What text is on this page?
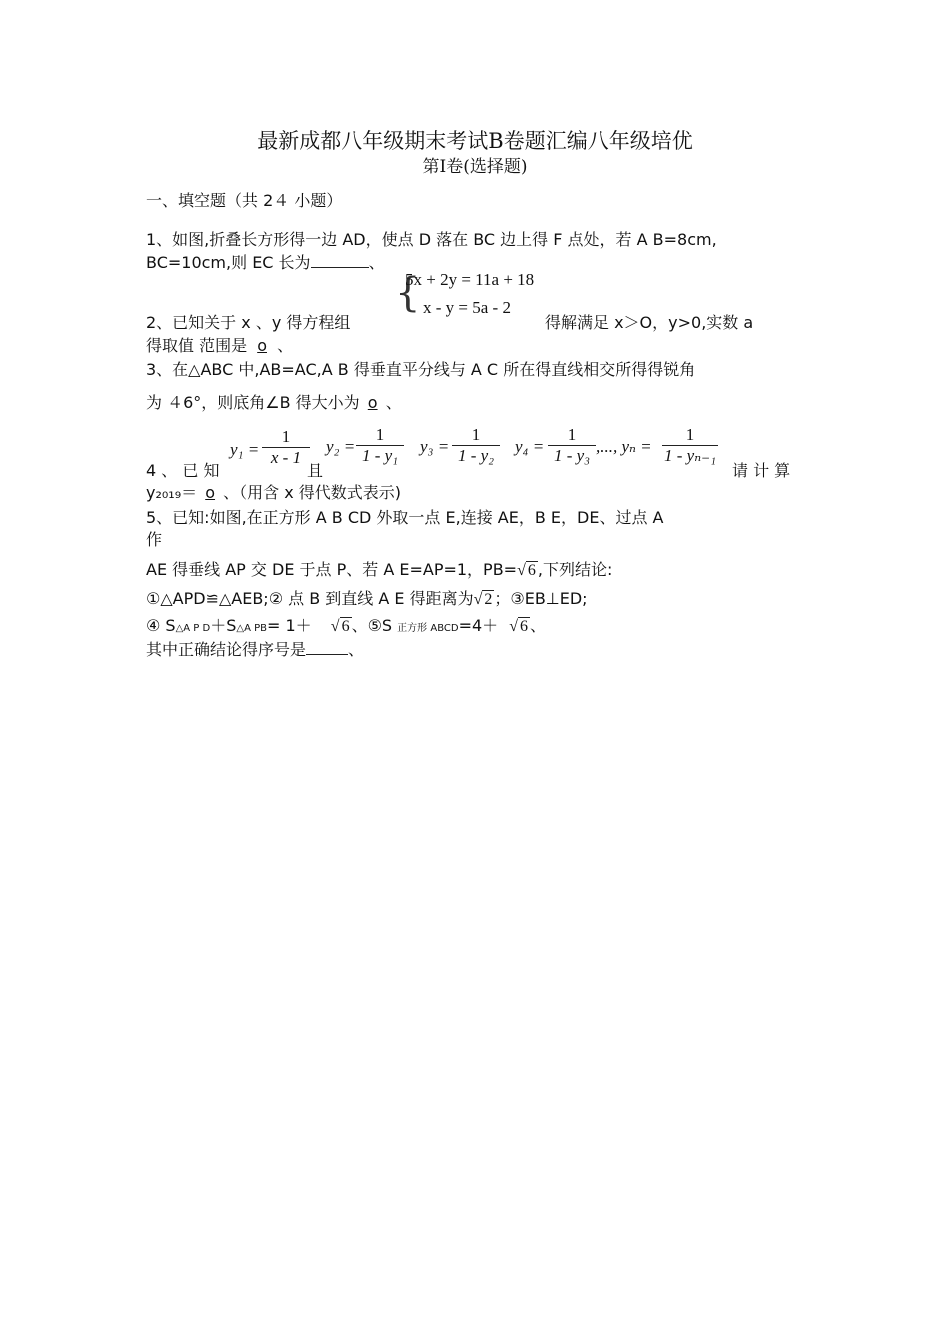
最新成都八年级期末考试B卷题汇编八年级培优
第Ⅰ卷(选择题)
一、填空题（共 2４ 小题）
1、如图,折叠长方形得一边 AD，使点 D 落在 BC 边上得 F 点处，若 A B=8cm,
BC=10cm,则 EC 长为	、
{
5x + 2y = 11a + 18
x - y = 5a - 2
2、已知关于 x 、y 得方程组	得解满足 x＞O，y>0,实数 a
得取值 范围是 o 、
3、在△ABC 中,AB=AC,A B 得垂直平分线与 A C 所在得直线相交所得得锐角
为 ４6°，则底角∠B 得大小为 o 、
$y_1 = \frac{1}{x - 1} y_2 = \frac{1}{\text{1 - y₁}} y_3 = \frac{1}{\text{1 - y₂}} y_4 = \frac{1}{\text{1 - y₃}}$ ,..., $y_n = \frac{1}{\text{1 - yₙ₋₁}}$
4 、 已 知	且	请 计 算
y₂₀₁₉＝ o 、（用含 x 得代数式表示)
5、已知:如图,在正方形 A B CD 外取一点 E,连接 AE，B E，DE、过点 A
作
AE 得垂线 AP 交 DE 于点 P、若 A E=AP=1，PB=√ 6 ,下列结论:
①△APD≌△AEB;② 点 B 到直线 A E 得距离为√ 2 ；③EB⊥ED;
④ S△A P D＋S△A PB= 1＋ √ 6 、⑤S 正方形 ABCD=4＋ √ 6 、
其中正确结论得序号是	、
